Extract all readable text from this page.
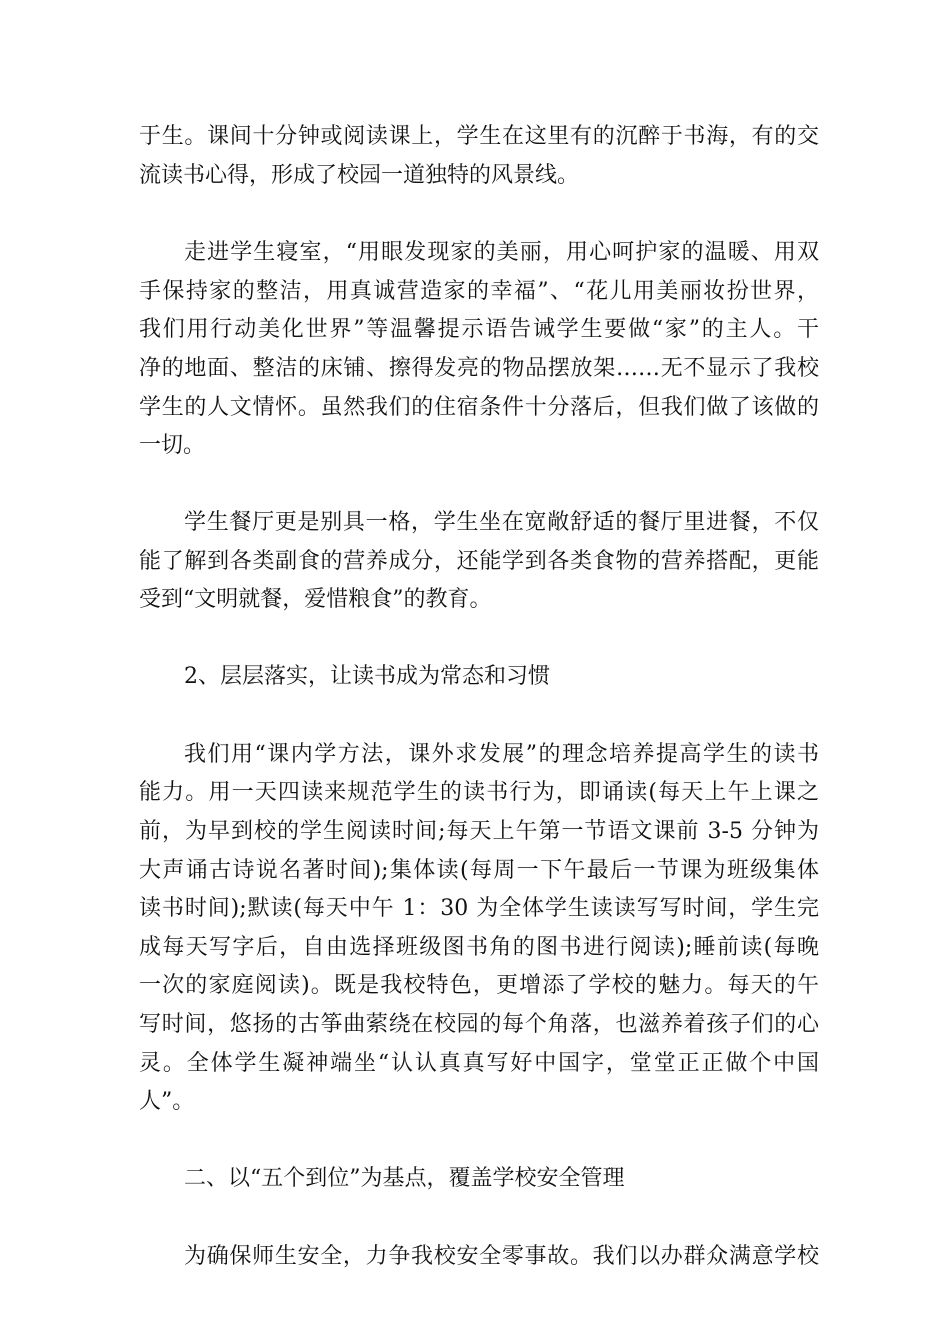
于生。课间十分钟或阅读课上，学生在这里有的沉醉于书海，有的交
流读书心得，形成了校园一道独特的风景线。
走进学生寝室，“用眼发现家的美丽，用心呵护家的温暖、用双
手保持家的整洁，用真诚营造家的幸福”、“花儿用美丽妆扮世界，
我们用行动美化世界”等温馨提示语告诫学生要做“家”的主人。干
净的地面、整洁的床铺、擦得发亮的物品摆放架……无不显示了我校
学生的人文情怀。虽然我们的住宿条件十分落后，但我们做了该做的
一切。
学生餐厅更是别具一格，学生坐在宽敞舒适的餐厅里进餐，不仅
能了解到各类副食的营养成分，还能学到各类食物的营养搭配，更能
受到“文明就餐，爱惜粮食”的教育。
2、层层落实，让读书成为常态和习惯
我们用“课内学方法，课外求发展”的理念培养提高学生的读书
能力。用一天四读来规范学生的读书行为，即诵读(每天上午上课之
前，为早到校的学生阅读时间;每天上午第一节语文课前 3-5 分钟为
大声诵古诗说名著时间);集体读(每周一下午最后一节课为班级集体
读书时间);默读(每天中午 1：30 为全体学生读读写写时间，学生完
成每天写字后，自由选择班级图书角的图书进行阅读);睡前读(每晚
一次的家庭阅读)。既是我校特色，更增添了学校的魅力。每天的午
写时间，悠扬的古筝曲萦绕在校园的每个角落，也滋养着孩子们的心
灵。全体学生凝神端坐“认认真真写好中国字，堂堂正正做个中国
人”。
二、以“五个到位”为基点，覆盖学校安全管理
为确保师生安全，力争我校安全零事故。我们以办群众满意学校
